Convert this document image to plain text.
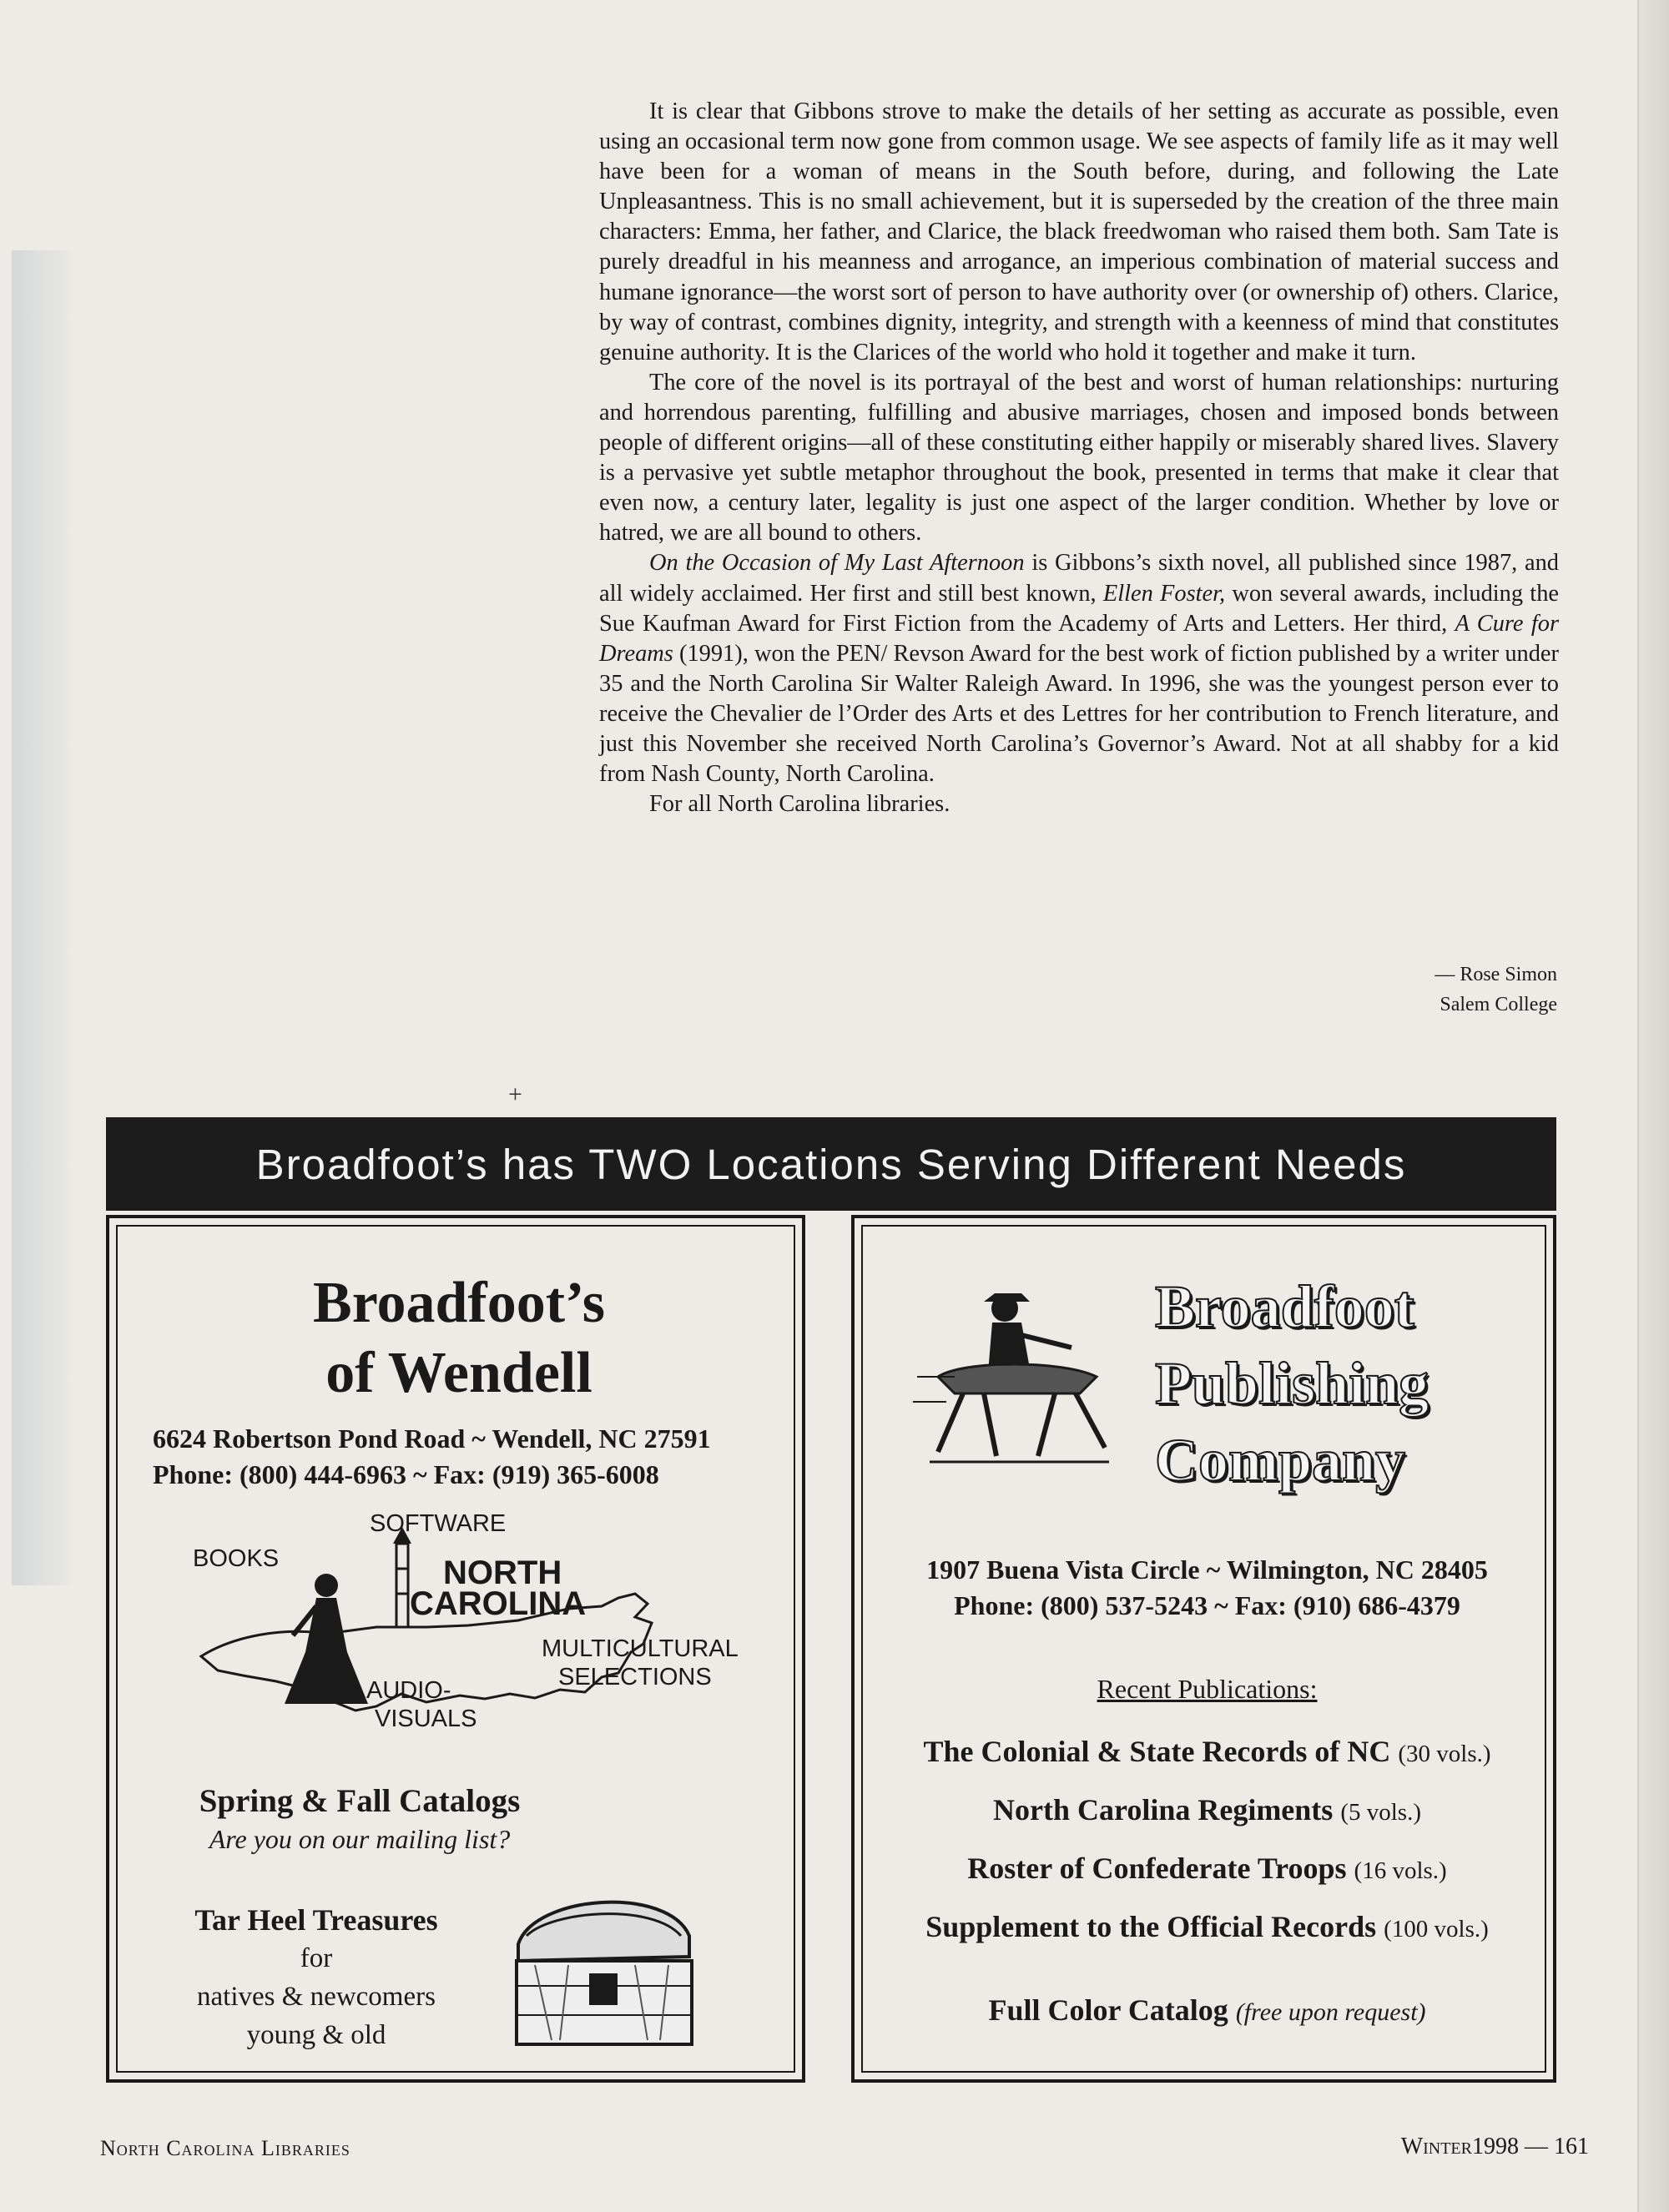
It is clear that Gibbons strove to make the details of her setting as accurate as possible, even using an occasional term now gone from common usage. We see aspects of family life as it may well have been for a woman of means in the South before, during, and following the Late Unpleasantness. This is no small achievement, but it is superseded by the creation of the three main characters: Emma, her father, and Clarice, the black freedwoman who raised them both. Sam Tate is purely dreadful in his meanness and arrogance, an imperious combination of material success and humane ignorance—the worst sort of person to have authority over (or ownership of) others. Clarice, by way of contrast, combines dignity, integrity, and strength with a keenness of mind that constitutes genuine authority. It is the Clarices of the world who hold it together and make it turn.

The core of the novel is its portrayal of the best and worst of human relationships: nurturing and horrendous parenting, fulfilling and abusive marriages, chosen and imposed bonds between people of different origins—all of these constituting either happily or miserably shared lives. Slavery is a pervasive yet subtle metaphor throughout the book, presented in terms that make it clear that even now, a century later, legality is just one aspect of the larger condition. Whether by love or hatred, we are all bound to others.

On the Occasion of My Last Afternoon is Gibbons’s sixth novel, all published since 1987, and all widely acclaimed. Her first and still best known, Ellen Foster, won several awards, including the Sue Kaufman Award for First Fiction from the Academy of Arts and Letters. Her third, A Cure for Dreams (1991), won the PEN/ Revson Award for the best work of fiction published by a writer under 35 and the North Carolina Sir Walter Raleigh Award. In 1996, she was the youngest person ever to receive the Chevalier de l’Order des Arts et des Lettres for her contribution to French literature, and just this November she received North Carolina’s Governor’s Award. Not at all shabby for a kid from Nash County, North Carolina.

For all North Carolina libraries.

— Rose Simon
Salem College
+
Broadfoot’s has TWO Locations Serving Different Needs
Broadfoot’s
of Wendell
6624 Robertson Pond Road ~ Wendell, NC 27591
Phone: (800) 444-6963 ~ Fax: (919) 365-6008
BOOKS
SOFTWARE
NORTH
CAROLINA
AUDIO-
VISUALS
MULTICULTURAL
SELECTIONS
Spring & Fall Catalogs
Are you on our mailing list?
Tar Heel Treasures
for
natives & newcomers
young & old
Broadfoot
Publishing
Company
1907 Buena Vista Circle ~ Wilmington, NC 28405
Phone: (800) 537-5243 ~ Fax: (910) 686-4379
Recent Publications:
The Colonial & State Records of NC (30 vols.)
North Carolina Regiments (5 vols.)
Roster of Confederate Troops (16 vols.)
Supplement to the Official Records (100 vols.)
Full Color Catalog (free upon request)
North Carolina Libraries	Winter1998 — 161
